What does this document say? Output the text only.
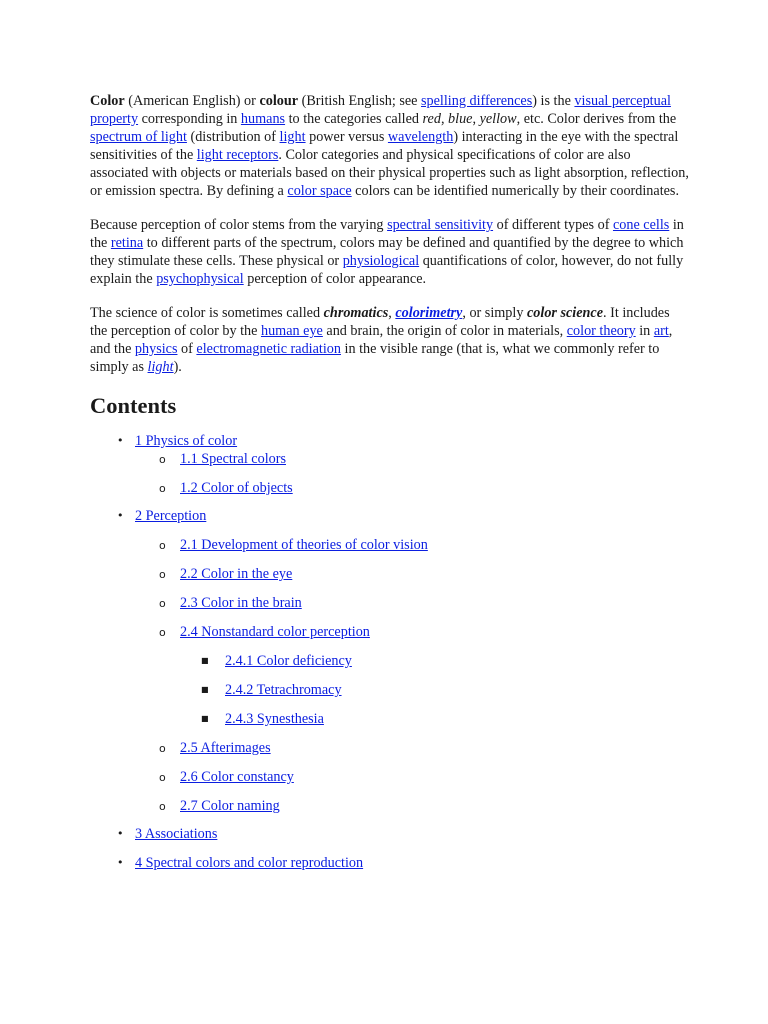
Color (American English) or colour (British English; see spelling differences) is the visual perceptual property corresponding in humans to the categories called red, blue, yellow, etc. Color derives from the spectrum of light (distribution of light power versus wavelength) interacting in the eye with the spectral sensitivities of the light receptors. Color categories and physical specifications of color are also associated with objects or materials based on their physical properties such as light absorption, reflection, or emission spectra. By defining a color space colors can be identified numerically by their coordinates.

Because perception of color stems from the varying spectral sensitivity of different types of cone cells in the retina to different parts of the spectrum, colors may be defined and quantified by the degree to which they stimulate these cells. These physical or physiological quantifications of color, however, do not fully explain the psychophysical perception of color appearance.

The science of color is sometimes called chromatics, colorimetry, or simply color science. It includes the perception of color by the human eye and brain, the origin of color in materials, color theory in art, and the physics of electromagnetic radiation in the visible range (that is, what we commonly refer to simply as light).

Contents
• 1 Physics of color
o 1.1 Spectral colors
o 1.2 Color of objects
• 2 Perception
o 2.1 Development of theories of color vision
o 2.2 Color in the eye
o 2.3 Color in the brain
o 2.4 Nonstandard color perception
■ 2.4.1 Color deficiency
■ 2.4.2 Tetrachromacy
■ 2.4.3 Synesthesia
o 2.5 Afterimages
o 2.6 Color constancy
o 2.7 Color naming
• 3 Associations
• 4 Spectral colors and color reproduction
